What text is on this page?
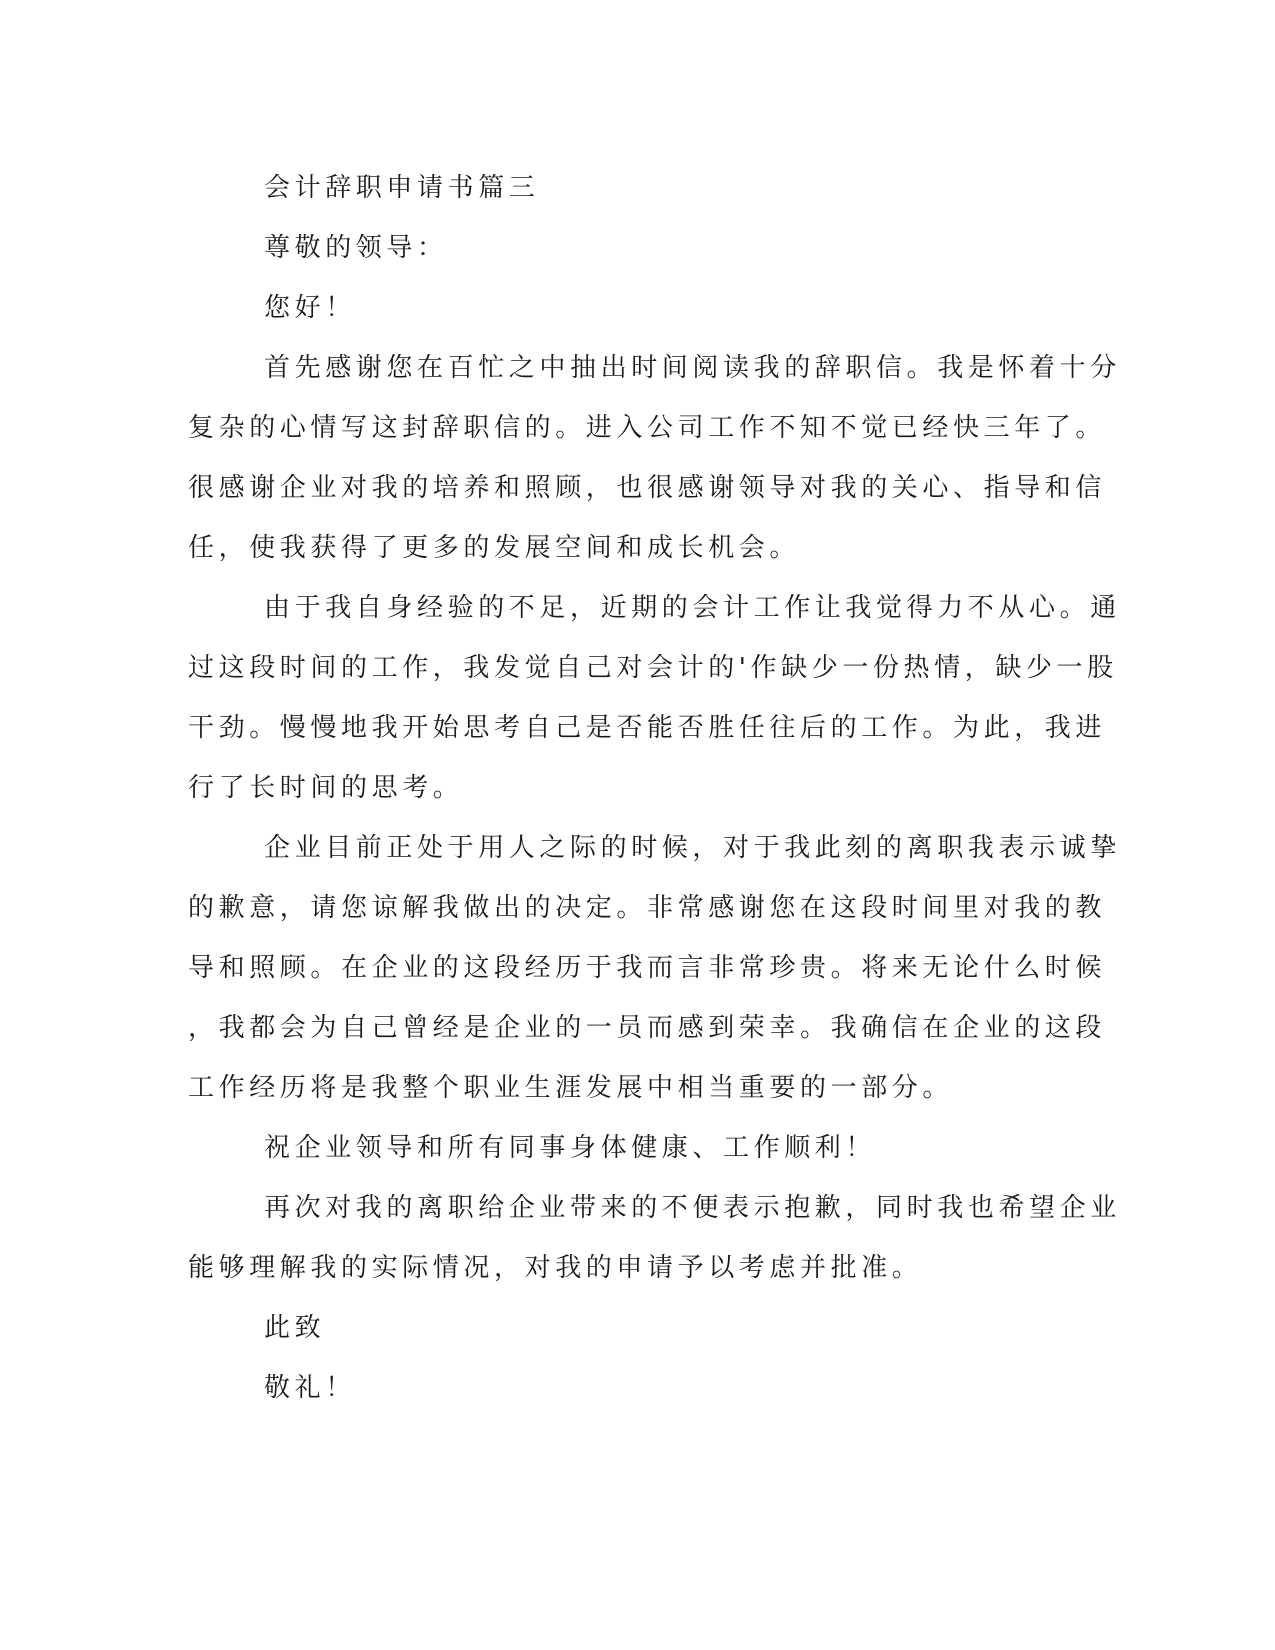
会计辞职申请书篇三
尊敬的领导：
您好！
首先感谢您在百忙之中抽出时间阅读我的辞职信。我是怀着十分
复杂的心情写这封辞职信的。进入公司工作不知不觉已经快三年了。
很感谢企业对我的培养和照顾，也很感谢领导对我的关心、指导和信
任，使我获得了更多的发展空间和成长机会。
由于我自身经验的不足，近期的会计工作让我觉得力不从心。通
过这段时间的工作，我发觉自己对会计的'作缺少一份热情，缺少一股
干劲。慢慢地我开始思考自己是否能否胜任往后的工作。为此，我进
行了长时间的思考。
企业目前正处于用人之际的时候，对于我此刻的离职我表示诚挚
的歉意，请您谅解我做出的决定。非常感谢您在这段时间里对我的教
导和照顾。在企业的这段经历于我而言非常珍贵。将来无论什么时候
，我都会为自己曾经是企业的一员而感到荣幸。我确信在企业的这段
工作经历将是我整个职业生涯发展中相当重要的一部分。
祝企业领导和所有同事身体健康、工作顺利！
再次对我的离职给企业带来的不便表示抱歉，同时我也希望企业
能够理解我的实际情况，对我的申请予以考虑并批准。
此致
敬礼！
